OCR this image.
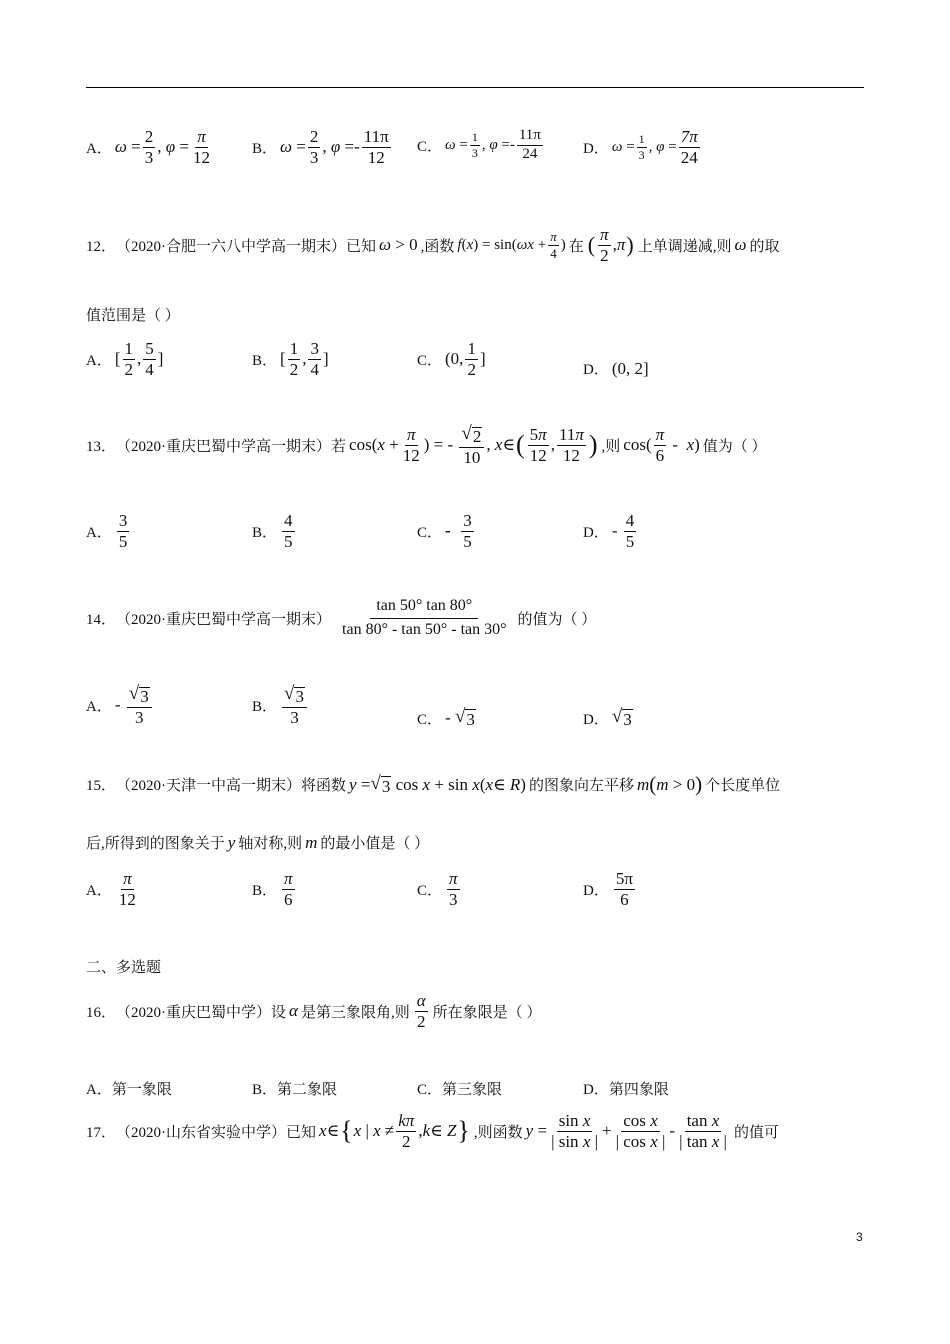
A． $\omega = \frac{2}{3}$ , $\varphi = \frac{\pi}{12}$	B． $\omega = \frac{2}{3}$ , φ = - $\frac{11\pi}{12}$ C． $\omega = \frac{1}{3}$ , φ = - $\frac{11\pi}{24}$	D． $\omega = \frac{1}{3}$ , $\varphi = \frac{7\pi}{24}$
12． （2020·合肥一六八中学高一期末） 已知 ω > 0 ,函数 f ( x ) = sin( $\omega x + \frac{\pi}{4}$ ) 在 ( $\frac{\pi}{2}$ , π ) 上单调递减,则 ω 的取
值范围是（ ）
A． [ $\frac{1}{2}$ , $\frac{5}{4}$ ]	B． [ $\frac{1}{2}$ , $\frac{3}{4}$ ]	C． (0, $\frac{1}{2}$ ]
D． (0, 2]
13． （2020·重庆巴蜀中学高一期末） 若 cos( $x + \frac{\pi}{12}$ ) = - $\frac{√ 2}{10}$ , x ∈ ( $\frac{5\pi}{12}$ , $\frac{11\pi}{12}$ ) ,则 $\cos( \frac{\pi}{6}$ - x ) 值为（ ）
A． $\frac{3}{5}$	B． $\frac{4}{5}$	C． -
$\frac{3}{5}$	D． -
$\frac{4}{5}$
14． （2020·重庆巴蜀中学高一期末） $\frac{\tan 50^\circ \tan 80^\circ}{\tan 80^\circ - \tan 50^\circ - \tan 30^\circ}$ 的值为（ ）
A． - $\frac{√ 3}{3}$	B． $\frac{√ 3}{3}$	C． - √ 3	D． √ 3
15． （2020·天津一中高一期末） 将函数 y = √ 3 cos x + sin x ( x ∈ R ) 的图象向左平移 m ( m > 0 ) 个长度单位
后,所得到的图象关于 y 轴对称,则 m 的最小值是（ ）
A． $\frac{\pi}{12}$	B． $\frac{\pi}{6}$	C． $\frac{\pi}{3}$	D． $\frac{5\pi}{6}$
二、多选题
16． （2020·重庆巴蜀中学） 设 α 是第三象限角,则 $\frac{\alpha}{2}$ 所在象限是（ ）
A．第一象限	B．第二象限	C．第三象限	D．第四象限
17． （2020·山东省实验中学） 已知 x ∈ { x | $x \ne \frac{k\pi}{2}$ , k ∈ Z } ,则函数 $y = \frac{\text{sin x}}{\text{| sin x |}} + \frac{\text{cos x}}{\text{| cos x |}} - \frac{\text{tan x}}{\text{| tan x |}}$ 的值可
3
